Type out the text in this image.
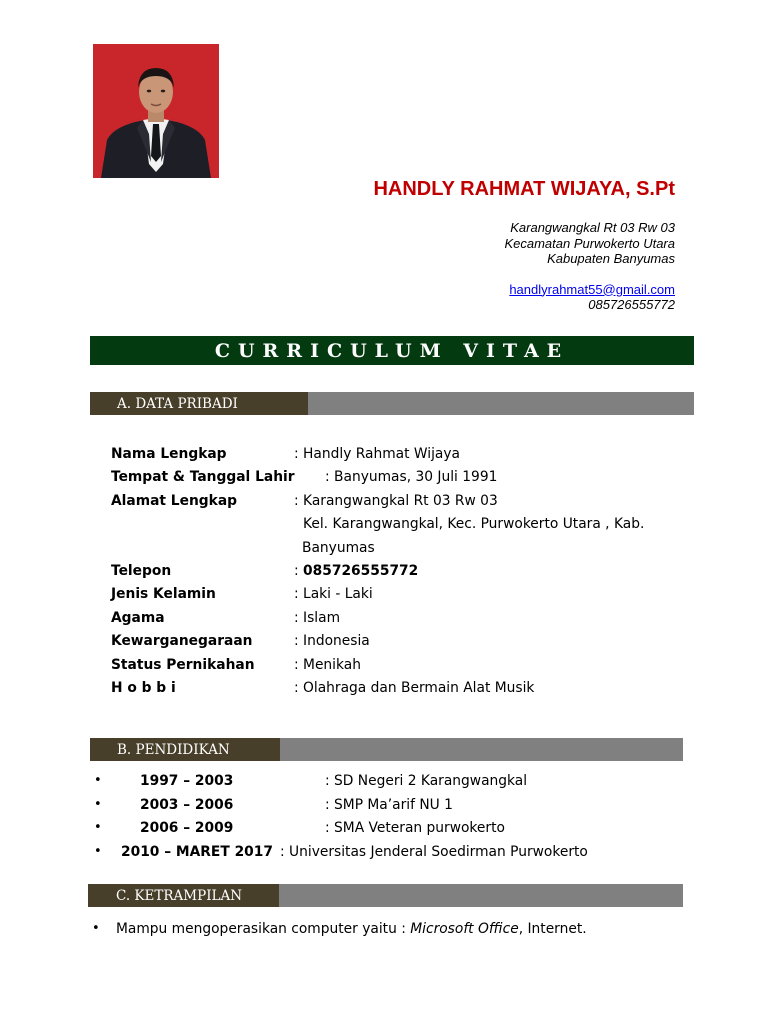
HANDLY RAHMAT WIJAYA, S.Pt
Karangwangkal Rt 03 Rw 03
Kecamatan Purwokerto Utara
Kabupaten Banyumas
handlyrahmat55@gmail.com
085726555772
CURRICULUM VITAE
A. DATA PRIBADI
Nama Lengkap	: Handly Rahmat Wijaya
Tempat & Tanggal Lahir : Banyumas, 30 Juli 1991
Alamat Lengkap	: Karangwangkal Rt 03 Rw 03
Kel. Karangwangkal, Kec. Purwokerto Utara , Kab.
Banyumas
Telepon	: 085726555772
Jenis Kelamin	: Laki - Laki
Agama	: Islam
Kewarganegaraan	: Indonesia
Status Pernikahan	: Menikah
H o b b i	: Olahraga dan Bermain Alat Musik
B. PENDIDIKAN
•	1997 – 2003	: SD Negeri 2 Karangwangkal
•	2003 – 2006	: SMP Ma’arif NU 1
•	2006 – 2009	: SMA Veteran purwokerto
• 2010 – MARET 2017 : Universitas Jenderal Soedirman Purwokerto
C. KETRAMPILAN
• Mampu mengoperasikan computer yaitu : Microsoft Office, Internet.
